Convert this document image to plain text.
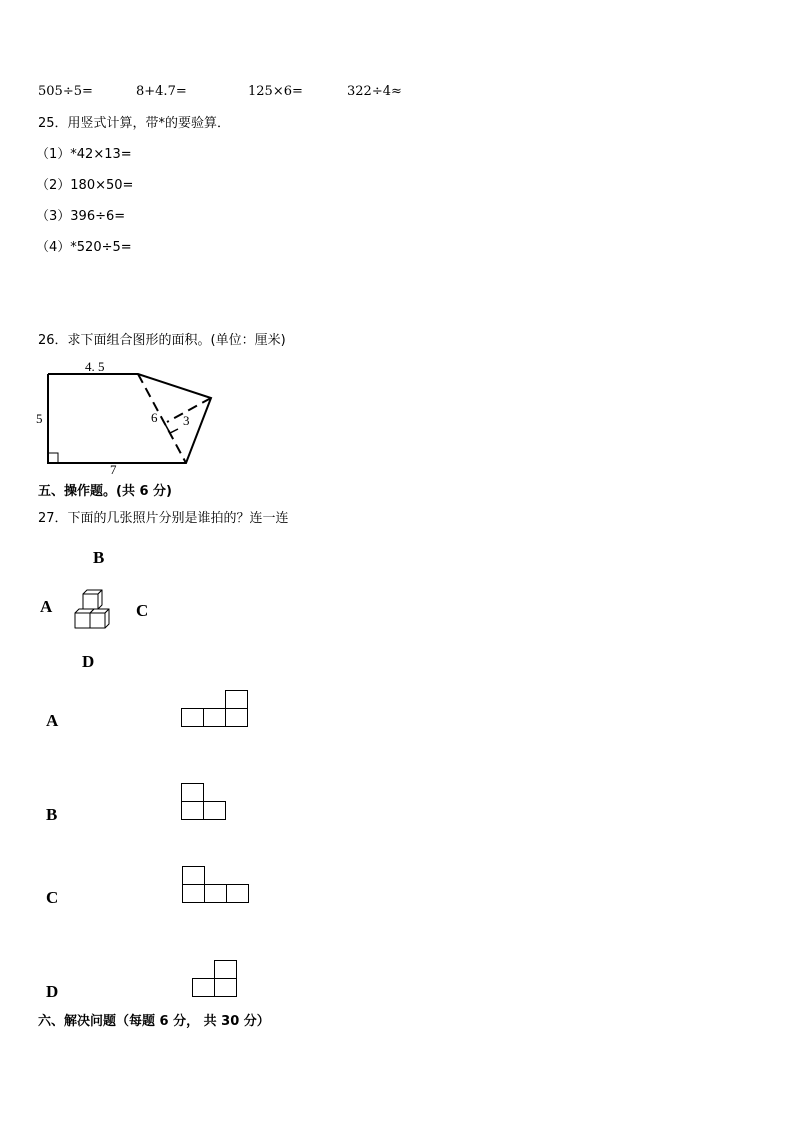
505÷5=	8+4.7=	125×6=	322÷4≈
25．用竖式计算，带*的要验算．
（1）*42×13=
（2）180×50=
（3）396÷6=
（4）*520÷5=
26．求下面组合图形的面积。(单位：厘米)
4. 5
5
7
6 3
五、操作题。(共 6 分)
27．下面的几张照片分别是谁拍的？连一连
B
A	C
D
A
B
C
D
六、解决问题（每题 6 分， 共 30 分）
